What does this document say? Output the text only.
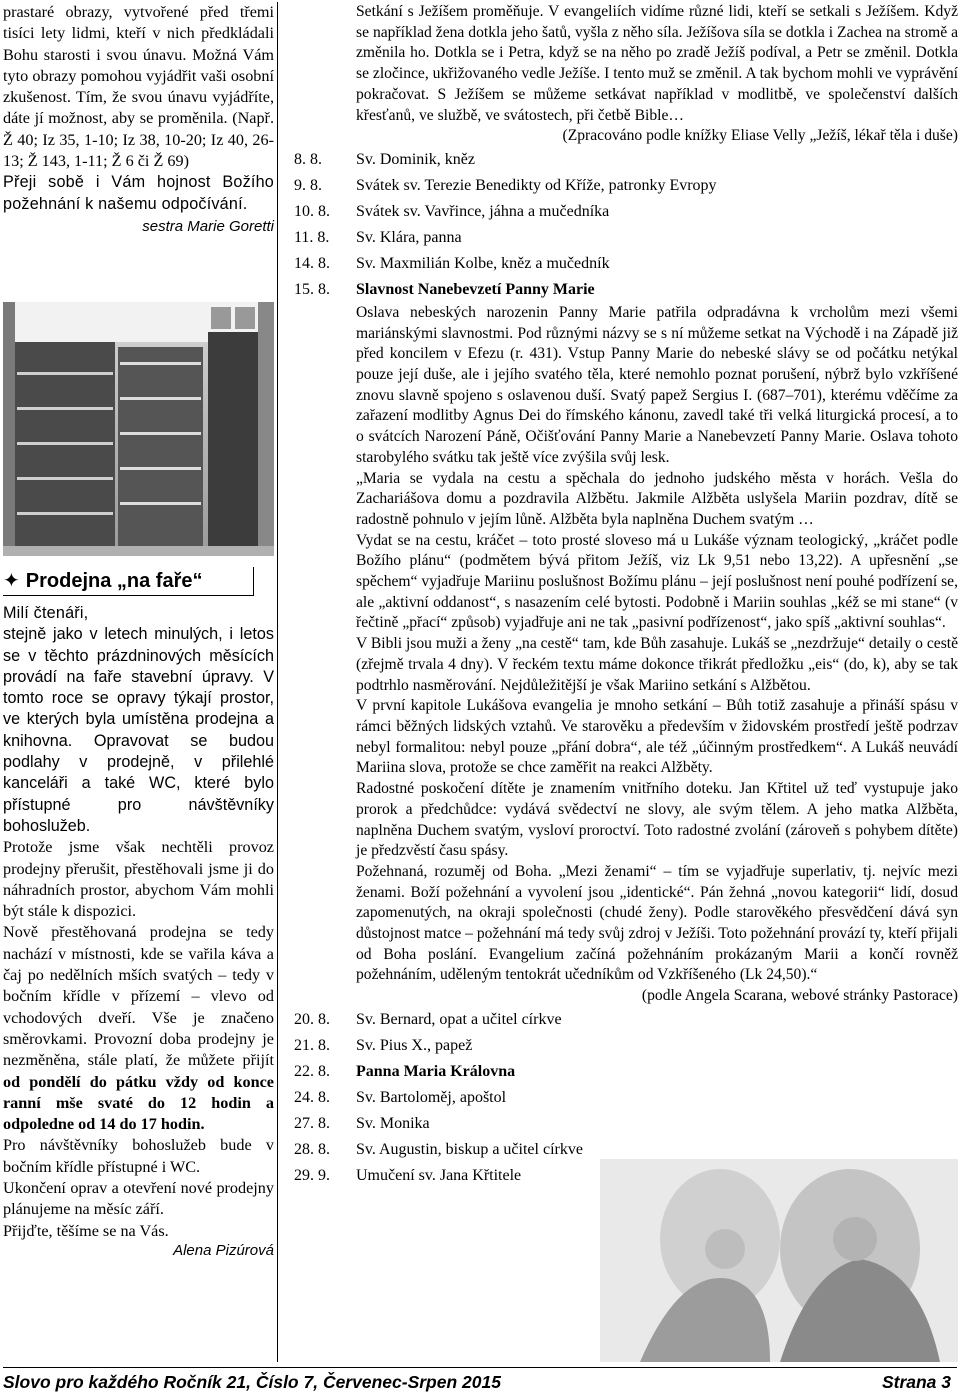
prastaré obrazy, vytvořené před třemi tisíci lety lidmi, kteří v nich předkládali Bohu starosti i svou únavu. Možná Vám tyto obrazy pomohou vyjádřit vaši osobní zkušenost. Tím, že svou únavu vyjádříte, dáte jí možnost, aby se proměnila. (Např. Ž 40; Iz 35, 1-10; Iz 38, 10-20; Iz 40, 26-13; Ž 143, 1-11; Ž 6 či Ž 69)

Přeji sobě i Vám hojnost Božího požehnání k našemu odpočívání.

sestra Marie Goretti

✦ Prodejna „na faře“

Milí čtenáři,

stejně jako v letech minulých, i letos se v těchto prázdninových měsících provádí na faře stavební úpravy. V tomto roce se opravy týkají prostor, ve kterých byla umístěna prodejna a knihovna. Opravovat se budou podlahy v prodejně, v přilehlé kanceláři a také WC, které bylo přístupné pro návštěvníky bohoslužeb.

Protože jsme však nechtěli provoz prodejny přerušit, přestěhovali jsme ji do náhradních prostor, abychom Vám mohli být stále k dispozici.

Nově přestěhovaná prodejna se tedy nachází v místnosti, kde se vařila káva a čaj po nedělních mších svatých – tedy v bočním křídle v přízemí – vlevo od vchodových dveří. Vše je značeno směrovkami. Provozní doba prodejny je nezměněna, stále platí, že můžete přijít od pondělí do pátku vždy od konce ranní mše svaté do 12 hodin a odpoledne od 14 do 17 hodin.

Pro návštěvníky bohoslužeb bude v bočním křídle přístupné i WC.

Ukončení oprav a otevření nové prodejny plánujeme na měsíc září.

Přijďte, těšíme se na Vás.

Alena Pizúrová

Setkání s Ježíšem proměňuje. V evangeliích vidíme různé lidi, kteří se setkali s Ježíšem. Když se například žena dotkla jeho šatů, vyšla z něho síla. Ježíšova síla se dotkla i Zachea na stromě a změnila ho. Dotkla se i Petra, když se na něho po zradě Ježíš podíval, a Petr se změnil. Dotkla se zločince, ukřižovaného vedle Ježíše. I tento muž se změnil. A tak bychom mohli ve vyprávění pokračovat. S Ježíšem se můžeme setkávat například v modlitbě, ve společenství dalších křesťanů, ve službě, ve svátostech, při četbě Bible…

(Zpracováno podle knížky Eliase Velly „Ježíš, lékař těla i duše)

8. 8.	Sv. Dominik, kněz
9. 8.	Svátek sv. Terezie Benedikty od Kříže, patronky Evropy
10. 8.	Svátek sv. Vavřince, jáhna a mučedníka
11. 8.	Sv. Klára, panna
14. 8.	Sv. Maxmilián Kolbe, kněz a mučedník
15. 8.	Slavnost Nanebevzetí Panny Marie

Oslava nebeských narozenin Panny Marie patřila odpradávna k vrcholům mezi všemi mariánskými slavnostmi. Pod různými názvy se s ní můžeme setkat na Východě i na Západě již před koncilem v Efezu (r. 431). Vstup Panny Marie do nebeské slávy se od počátku netýkal pouze její duše, ale i jejího svatého těla, které nemohlo poznat porušení, nýbrž bylo vzkříšené znovu slavně spojeno s oslavenou duší. Svatý papež Sergius I. (687–701), kterému vděčíme za zařazení modlitby Agnus Dei do římského kánonu, zavedl také tři velká liturgická procesí, a to o svátcích Narození Páně, Očišťování Panny Marie a Nanebevzetí Panny Marie. Oslava tohoto starobylého svátku tak ještě více zvýšila svůj lesk.

„Maria se vydala na cestu a spěchala do jednoho judského města v horách. Vešla do Zachariášova domu a pozdravila Alžbětu. Jakmile Alžběta uslyšela Mariin pozdrav, dítě se radostně pohnulo v jejím lůně. Alžběta byla naplněna Duchem svatým …

Vydat se na cestu, kráčet – toto prosté sloveso má u Lukáše význam teologický, „kráčet podle Božího plánu“ (podmětem bývá přitom Ježíš, viz Lk 9,51 nebo 13,22). A upřesnění „se spěchem“ vyjadřuje Mariinu poslušnost Božímu plánu – její poslušnost není pouhé podřízení se, ale „aktivní oddanost“, s nasazením celé bytosti. Podobně i Mariin souhlas „kéž se mi stane“ (v řečtině „přací“ způsob) vyjadřuje ani ne tak „pasivní podřízenost“, jako spíš „aktivní souhlas“.

V Bibli jsou muži a ženy „na cestě“ tam, kde Bůh zasahuje. Lukáš se „nezdržuje“ detaily o cestě (zřejmě trvala 4 dny). V řeckém textu máme dokonce třikrát předložku „eis“ (do, k), aby se tak podtrhlo nasměrování. Nejdůležitější je však Mariino setkání s Alžbětou.

V první kapitole Lukášova evangelia je mnoho setkání – Bůh totiž zasahuje a přináší spásu v rámci běžných lidských vztahů. Ve starověku a především v židovském prostředí ještě podrzav nebyl formalitou: nebyl pouze „přání dobra“, ale též „účinným prostředkem“. A Lukáš neuvádí Mariina slova, protože se chce zaměřit na reakci Alžběty.

Radostné poskočení dítěte je znamením vnitřního doteku. Jan Křtitel už teď vystupuje jako prorok a předchůdce: vydává svědectví ne slovy, ale svým tělem. A jeho matka Alžběta, naplněna Duchem svatým, vysloví proroctví. Toto radostné zvolání (zároveň s pohybem dítěte) je předzvěstí času spásy.

Požehnaná, rozuměj od Boha. „Mezi ženami“ – tím se vyjadřuje superlativ, tj. nejvíc mezi ženami. Boží požehnání a vyvolení jsou „identické“. Pán žehná „novou kategorii“ lidí, dosud zapomenutých, na okraji společnosti (chudé ženy). Podle starověkého přesvědčení dává syn důstojnost matce – požehnání má tedy svůj zdroj v Ježíši. Toto požehnání provází ty, kteří přijali od Boha poslání. Evangelium začíná požehnáním prokázaným Marii a končí rovněž požehnáním, uděleným tentokrát učedníkům od Vzkříšeného (Lk 24,50).“

(podle Angela Scarana, webové stránky Pastorace)

20. 8.	Sv. Bernard, opat a učitel církve
21. 8.	Sv. Pius X., papež
22. 8.	Panna Maria Královna
24. 8.	Sv. Bartoloměj, apoštol
27. 8.	Sv. Monika
28. 8.	Sv. Augustin, biskup a učitel církve
29. 9.	Umučení sv. Jana Křtitele
Slovo pro každého Ročník 21, Číslo 7, Červenec-Srpen 2015	Strana 3
